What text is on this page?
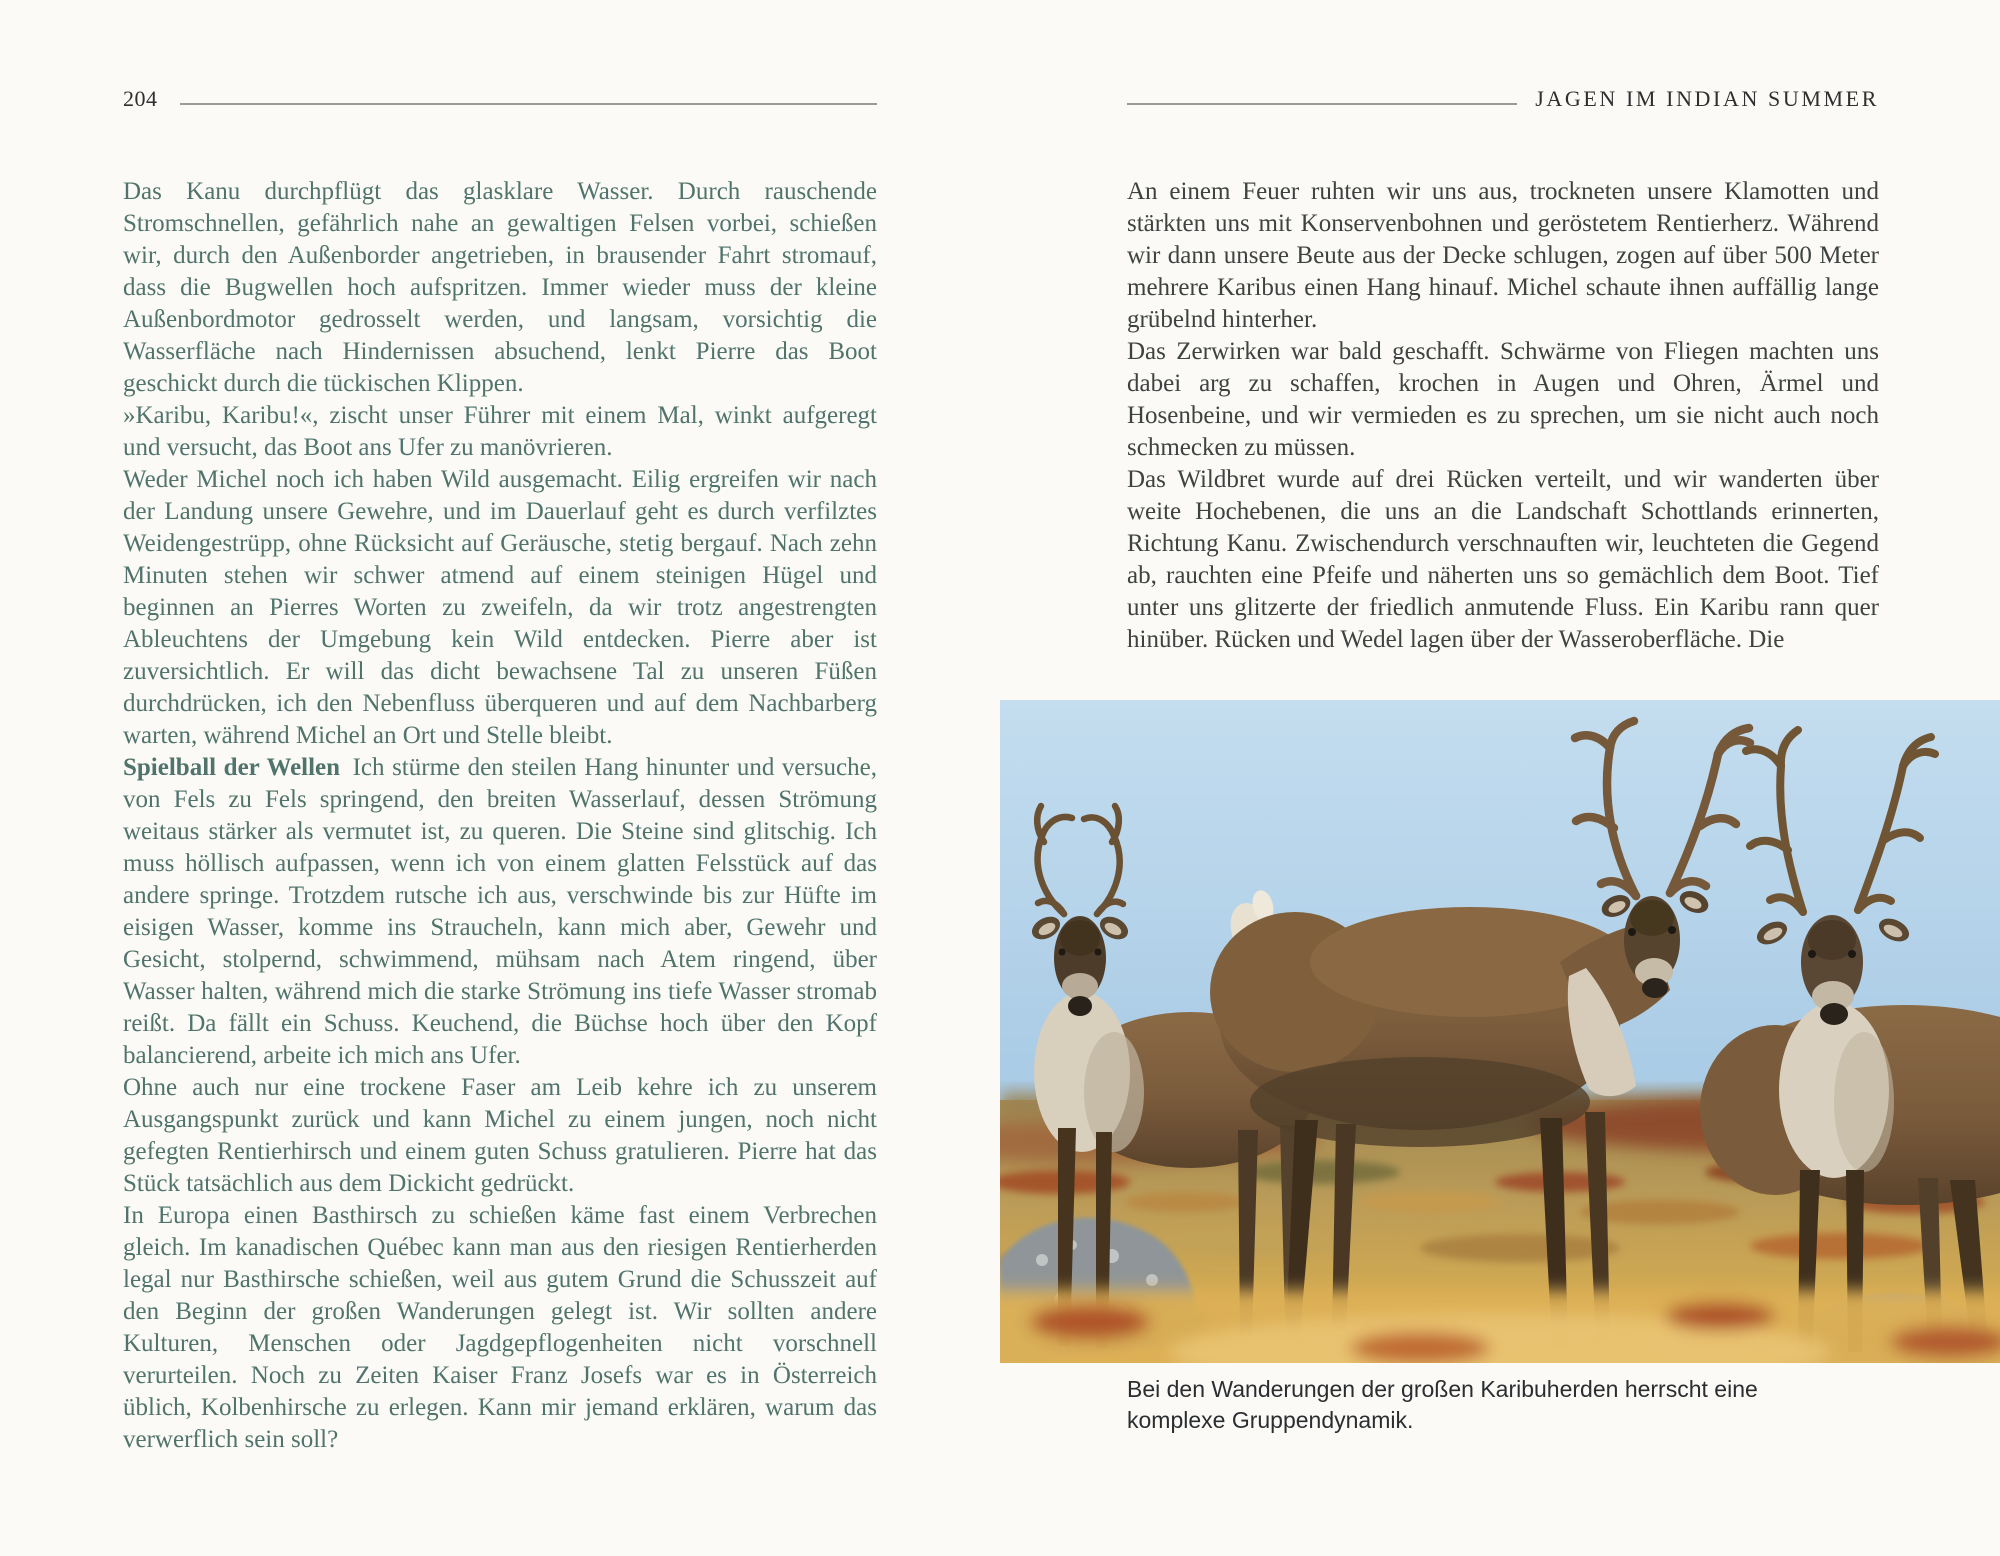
204	JAGEN IM INDIAN SUMMER

Das Kanu durchpflügt das glasklare Wasser. Durch rauschende Stromschnellen, gefährlich nahe an gewaltigen Felsen vorbei, schießen wir, durch den Außenborder angetrieben, in brausender Fahrt stromauf, dass die Bugwellen hoch aufspritzen. Immer wieder muss der kleine Außenbordmotor gedrosselt werden, und langsam, vorsichtig die Wasserfläche nach Hindernissen absuchend, lenkt Pierre das Boot geschickt durch die tückischen Klippen.

»Karibu, Karibu!«, zischt unser Führer mit einem Mal, winkt aufgeregt und versucht, das Boot ans Ufer zu manövrieren.

Weder Michel noch ich haben Wild ausgemacht. Eilig ergreifen wir nach der Landung unsere Gewehre, und im Dauerlauf geht es durch verfilztes Weidengestrüpp, ohne Rücksicht auf Geräusche, stetig bergauf. Nach zehn Minuten stehen wir schwer atmend auf einem steinigen Hügel und beginnen an Pierres Worten zu zweifeln, da wir trotz angestrengten Ableuchtens der Umgebung kein Wild entdecken. Pierre aber ist zuversichtlich. Er will das dicht bewachsene Tal zu unseren Füßen durchdrücken, ich den Nebenfluss überqueren und auf dem Nachbarberg warten, während Michel an Ort und Stelle bleibt.

Spielball der Wellen  Ich stürme den steilen Hang hinunter und versuche, von Fels zu Fels springend, den breiten Wasserlauf, dessen Strömung weitaus stärker als vermutet ist, zu queren. Die Steine sind glitschig. Ich muss höllisch aufpassen, wenn ich von einem glatten Felsstück auf das andere springe. Trotzdem rutsche ich aus, verschwinde bis zur Hüfte im eisigen Wasser, komme ins Straucheln, kann mich aber, Gewehr und Gesicht, stolpernd, schwimmend, mühsam nach Atem ringend, über Wasser halten, während mich die starke Strömung ins tiefe Wasser stromab reißt. Da fällt ein Schuss. Keuchend, die Büchse hoch über den Kopf balancierend, arbeite ich mich ans Ufer.

Ohne auch nur eine trockene Faser am Leib kehre ich zu unserem Ausgangspunkt zurück und kann Michel zu einem jungen, noch nicht gefegten Rentierhirsch und einem guten Schuss gratulieren. Pierre hat das Stück tatsächlich aus dem Dickicht gedrückt.

In Europa einen Basthirsch zu schießen käme fast einem Verbrechen gleich. Im kanadischen Québec kann man aus den riesigen Rentierherden legal nur Basthirsche schießen, weil aus gutem Grund die Schusszeit auf den Beginn der großen Wanderungen gelegt ist. Wir sollten andere Kulturen, Menschen oder Jagdgepflogenheiten nicht vorschnell verurteilen. Noch zu Zeiten Kaiser Franz Josefs war es in Österreich üblich, Kolbenhirsche zu erlegen. Kann mir jemand erklären, warum das verwerflich sein soll?

An einem Feuer ruhten wir uns aus, trockneten unsere Klamotten und stärkten uns mit Konservenbohnen und geröstetem Rentierherz. Während wir dann unsere Beute aus der Decke schlugen, zogen auf über 500 Meter mehrere Karibus einen Hang hinauf. Michel schaute ihnen auffällig lange grübelnd hinterher.

Das Zerwirken war bald geschafft. Schwärme von Fliegen machten uns dabei arg zu schaffen, krochen in Augen und Ohren, Ärmel und Hosenbeine, und wir vermieden es zu sprechen, um sie nicht auch noch schmecken zu müssen.

Das Wildbret wurde auf drei Rücken verteilt, und wir wanderten über weite Hochebenen, die uns an die Landschaft Schottlands erinnerten, Richtung Kanu. Zwischendurch verschnauften wir, leuchteten die Gegend ab, rauchten eine Pfeife und näherten uns so gemächlich dem Boot. Tief unter uns glitzerte der friedlich anmutende Fluss. Ein Karibu rann quer hinüber. Rücken und Wedel lagen über der Wasseroberfläche. Die

Bei den Wanderungen der großen Karibuherden herrscht eine komplexe Gruppendynamik.
